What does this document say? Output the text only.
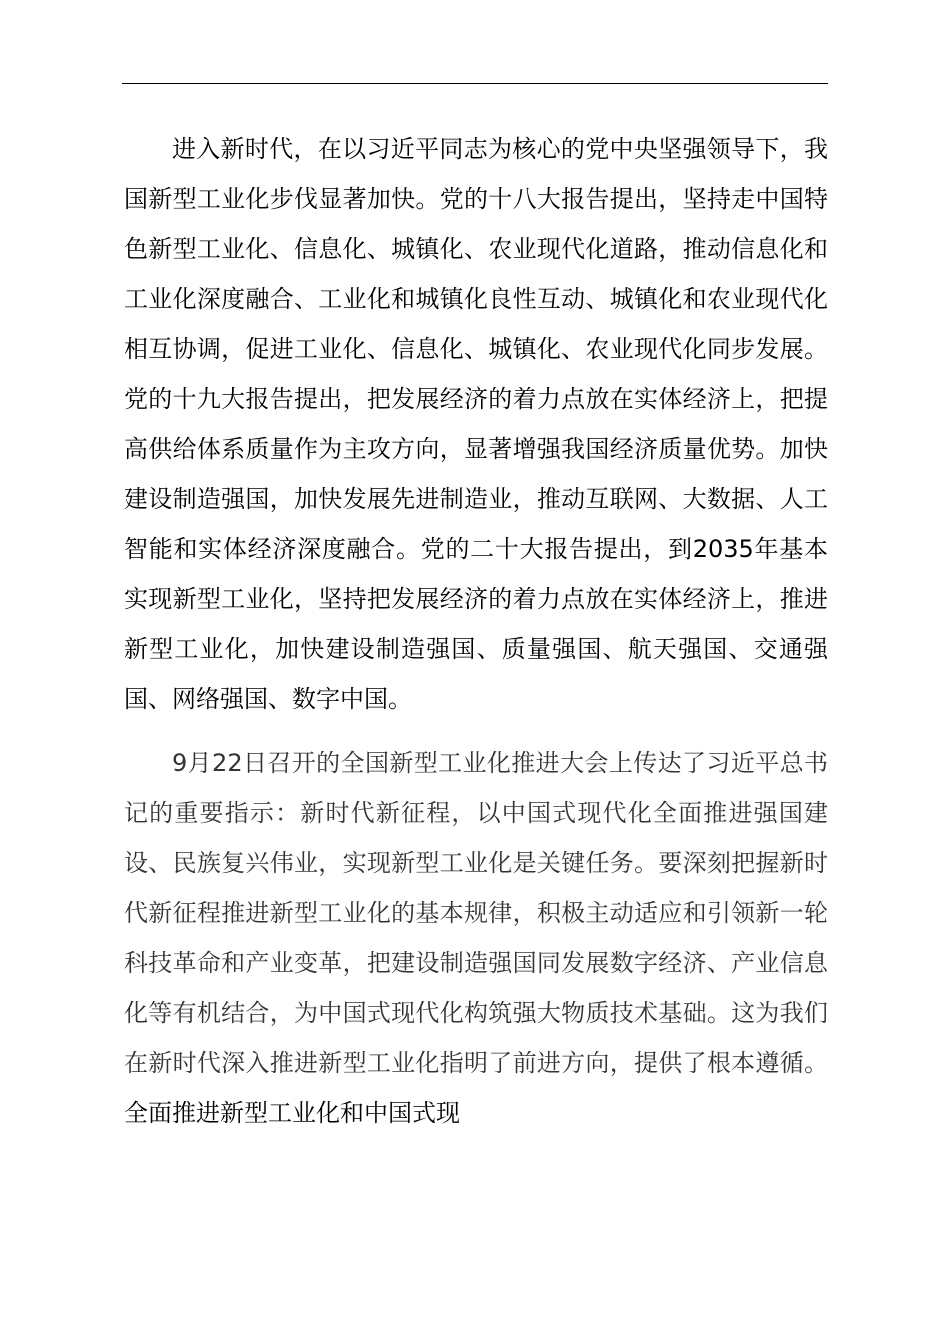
进入新时代，在以习近平同志为核心的党中央坚强领导下，我国新型工业化步伐显著加快。党的十八大报告提出，坚持走中国特色新型工业化、信息化、城镇化、农业现代化道路，推动信息化和工业化深度融合、工业化和城镇化良性互动、城镇化和农业现代化相互协调，促进工业化、信息化、城镇化、农业现代化同步发展。党的十九大报告提出，把发展经济的着力点放在实体经济上，把提高供给体系质量作为主攻方向，显著增强我国经济质量优势。加快建设制造强国，加快发展先进制造业，推动互联网、大数据、人工智能和实体经济深度融合。党的二十大报告提出，到2035年基本实现新型工业化，坚持把发展经济的着力点放在实体经济上，推进新型工业化，加快建设制造强国、质量强国、航天强国、交通强国、网络强国、数字中国。

9月22日召开的全国新型工业化推进大会上传达了习近平总书记的重要指示：新时代新征程，以中国式现代化全面推进强国建设、民族复兴伟业，实现新型工业化是关键任务。要深刻把握新时代新征程推进新型工业化的基本规律，积极主动适应和引领新一轮科技革命和产业变革，把建设制造强国同发展数字经济、产业信息化等有机结合，为中国式现代化构筑强大物质技术基础。这为我们在新时代深入推进新型工业化指明了前进方向，提供了根本遵循。全面推进新型工业化和中国式现
